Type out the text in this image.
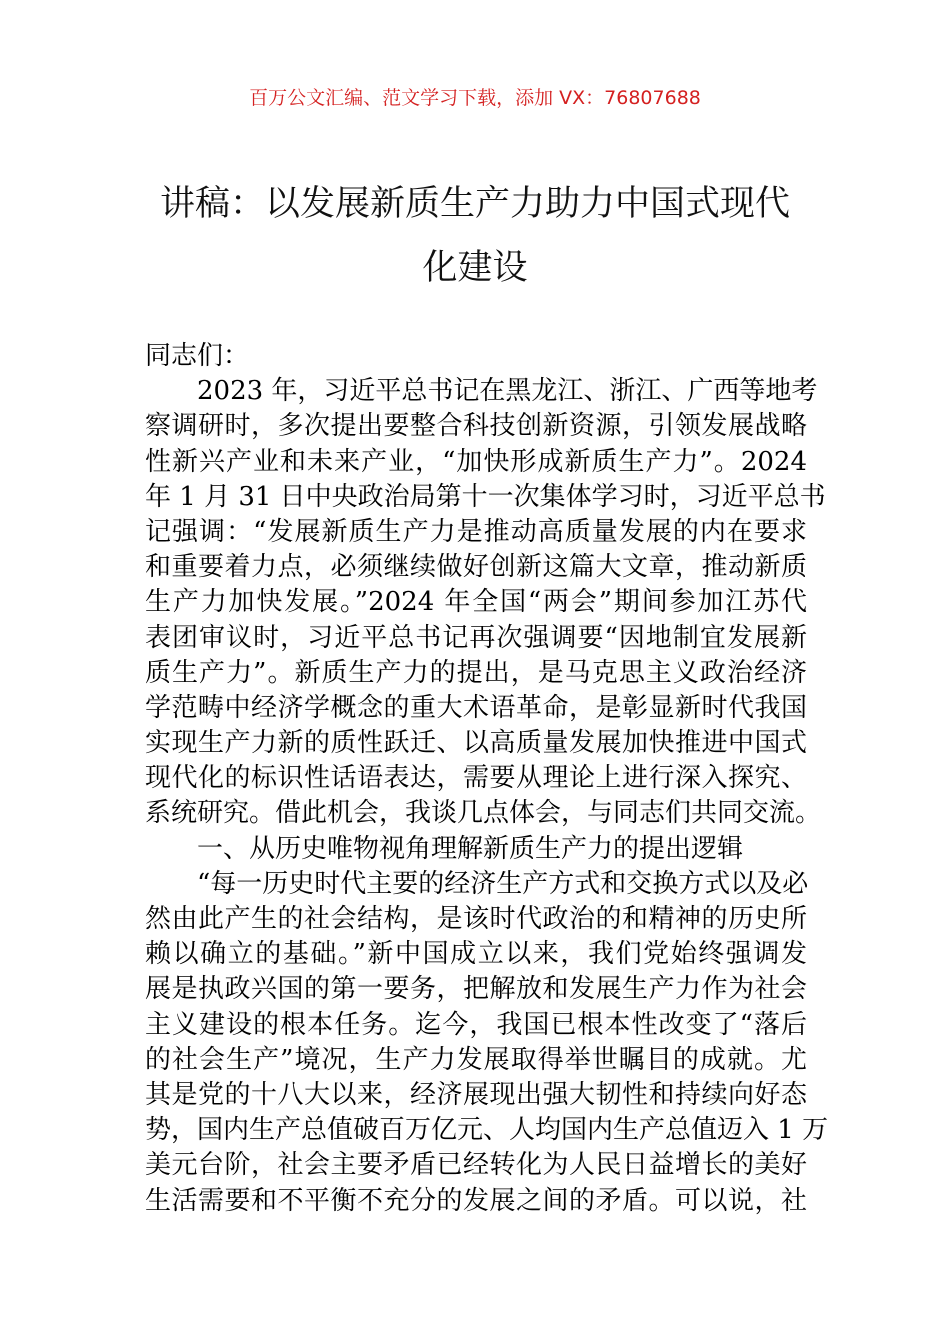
百万公文汇编、范文学习下载，添加 VX：76807688
讲稿：以发展新质生产力助力中国式现代
化建设
同志们：
2023 年，习近平总书记在黑龙江、浙江、广西等地考
察调研时，多次提出要整合科技创新资源，引领发展战略
性新兴产业和未来产业，“加快形成新质生产力”。2024
年 1 月 31 日中央政治局第十一次集体学习时，习近平总书
记强调：“发展新质生产力是推动高质量发展的内在要求
和重要着力点，必须继续做好创新这篇大文章，推动新质
生产力加快发展。”2024 年全国“两会”期间参加江苏代
表团审议时，习近平总书记再次强调要“因地制宜发展新
质生产力”。新质生产力的提出，是马克思主义政治经济
学范畴中经济学概念的重大术语革命，是彰显新时代我国
实现生产力新的质性跃迁、以高质量发展加快推进中国式
现代化的标识性话语表达，需要从理论上进行深入探究、
系统研究。借此机会，我谈几点体会，与同志们共同交流。
一、从历史唯物视角理解新质生产力的提出逻辑
“每一历史时代主要的经济生产方式和交换方式以及必
然由此产生的社会结构，是该时代政治的和精神的历史所
赖以确立的基础。”新中国成立以来，我们党始终强调发
展是执政兴国的第一要务，把解放和发展生产力作为社会
主义建设的根本任务。迄今，我国已根本性改变了“落后
的社会生产”境况，生产力发展取得举世瞩目的成就。尤
其是党的十八大以来，经济展现出强大韧性和持续向好态
势，国内生产总值破百万亿元、人均国内生产总值迈入 1 万
美元台阶，社会主要矛盾已经转化为人民日益增长的美好
生活需要和不平衡不充分的发展之间的矛盾。可以说，社
